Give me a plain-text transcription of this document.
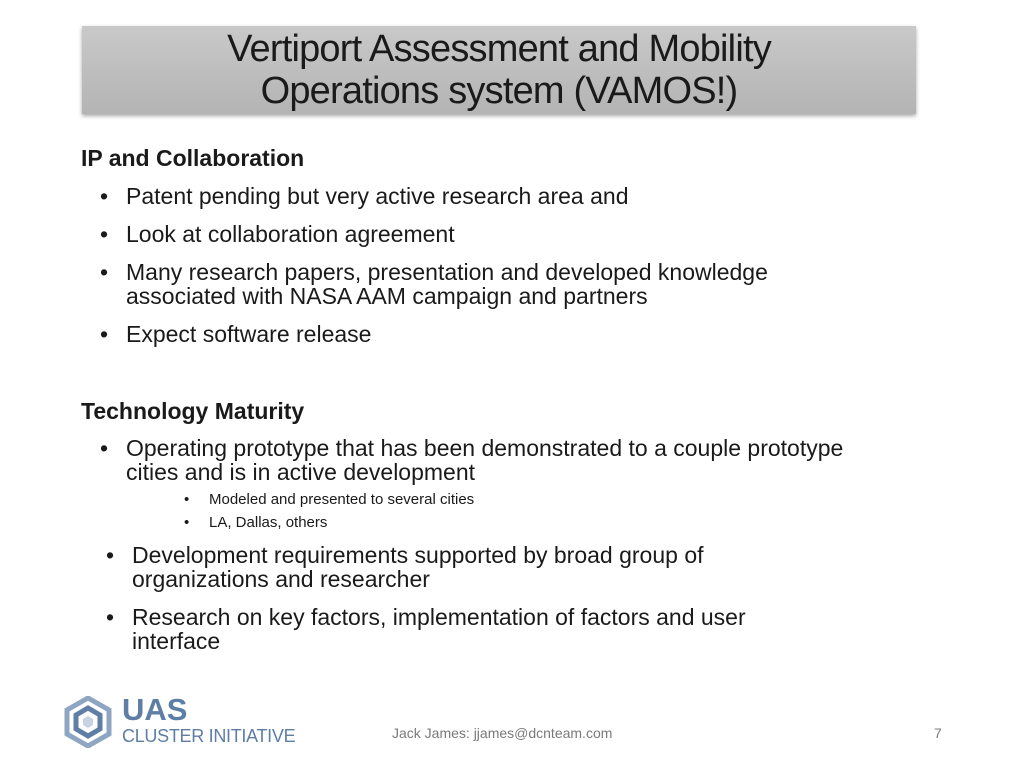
Vertiport Assessment and Mobility
Operations system (VAMOS!)
IP and Collaboration
• Patent pending but very active research area and
• Look at collaboration agreement
• Many research papers, presentation and developed knowledge associated with NASA AAM campaign and partners
• Expect software release
Technology Maturity
• Operating prototype that has been demonstrated to a couple prototype cities and is in active development
• Modeled and presented to several cities
• LA, Dallas, others
• Development requirements supported by broad group of organizations and researcher
• Research on key factors, implementation of factors and user interface
UAS
CLUSTER INITIATIVE	Jack James: jjames@dcnteam.com	7
